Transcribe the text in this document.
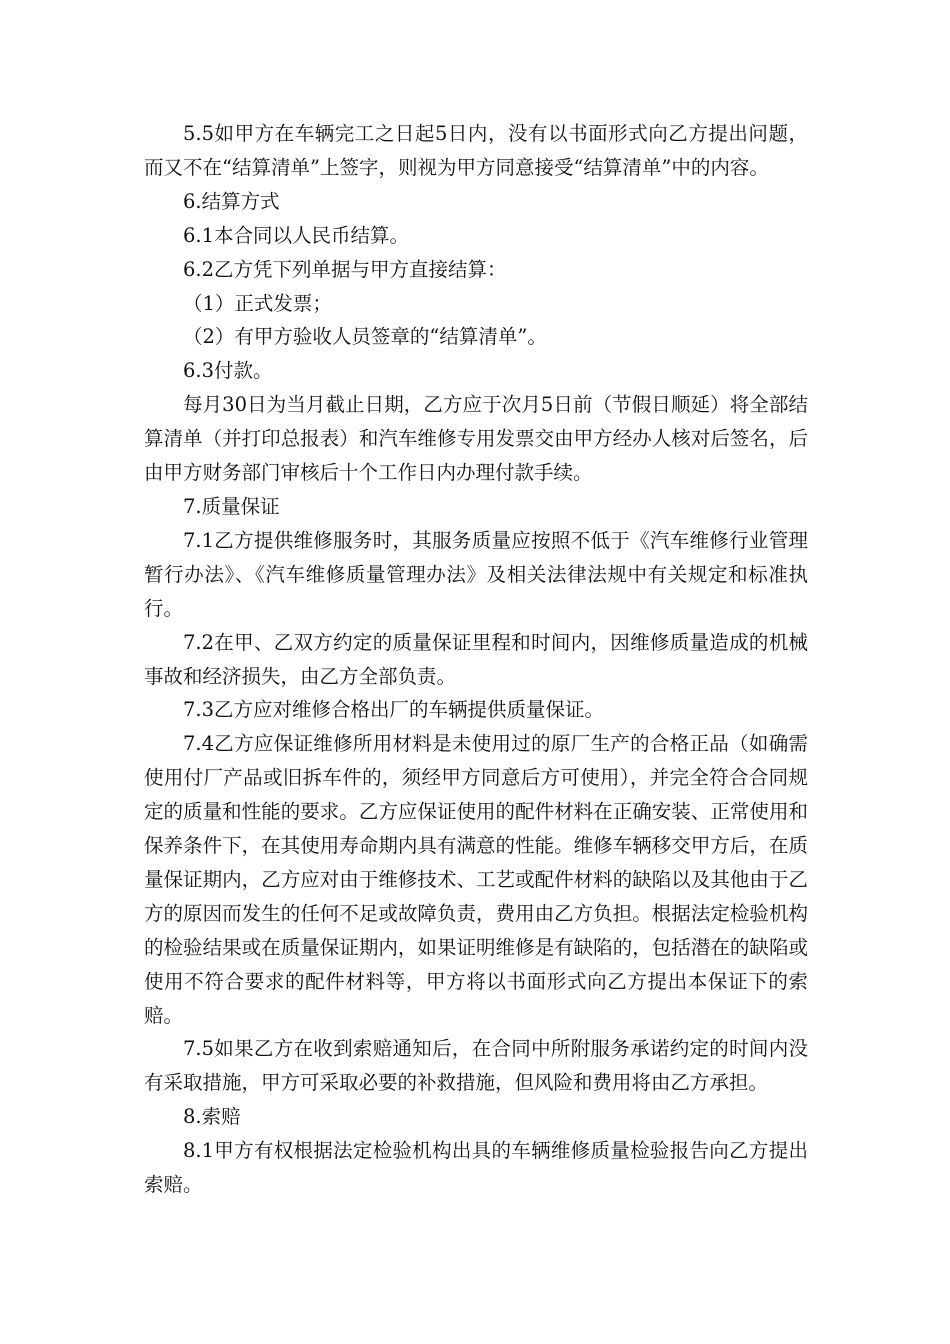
5.5如甲方在车辆完工之日起5日内，没有以书面形式向乙方提出问题，而又不在“结算清单”上签字，则视为甲方同意接受“结算清单”中的内容。

6.结算方式

6.1本合同以人民币结算。

6.2乙方凭下列单据与甲方直接结算：

（1）正式发票；

（2）有甲方验收人员签章的“结算清单”。

6.3付款。

每月30日为当月截止日期，乙方应于次月5日前（节假日顺延）将全部结算清单（并打印总报表）和汽车维修专用发票交由甲方经办人核对后签名，后由甲方财务部门审核后十个工作日内办理付款手续。

7.质量保证

7.1乙方提供维修服务时，其服务质量应按照不低于《汽车维修行业管理暂行办法》、《汽车维修质量管理办法》及相关法律法规中有关规定和标准执行。

7.2在甲、乙双方约定的质量保证里程和时间内，因维修质量造成的机械事故和经济损失，由乙方全部负责。

7.3乙方应对维修合格出厂的车辆提供质量保证。

7.4乙方应保证维修所用材料是未使用过的原厂生产的合格正品（如确需使用付厂产品或旧拆车件的，须经甲方同意后方可使用），并完全符合合同规定的质量和性能的要求。乙方应保证使用的配件材料在正确安装、正常使用和保养条件下，在其使用寿命期内具有满意的性能。维修车辆移交甲方后，在质量保证期内，乙方应对由于维修技术、工艺或配件材料的缺陷以及其他由于乙方的原因而发生的任何不足或故障负责，费用由乙方负担。根据法定检验机构的检验结果或在质量保证期内，如果证明维修是有缺陷的，包括潜在的缺陷或使用不符合要求的配件材料等，甲方将以书面形式向乙方提出本保证下的索赔。

7.5如果乙方在收到索赔通知后，在合同中所附服务承诺约定的时间内没有采取措施，甲方可采取必要的补救措施，但风险和费用将由乙方承担。

8.索赔

8.1甲方有权根据法定检验机构出具的车辆维修质量检验报告向乙方提出索赔。
